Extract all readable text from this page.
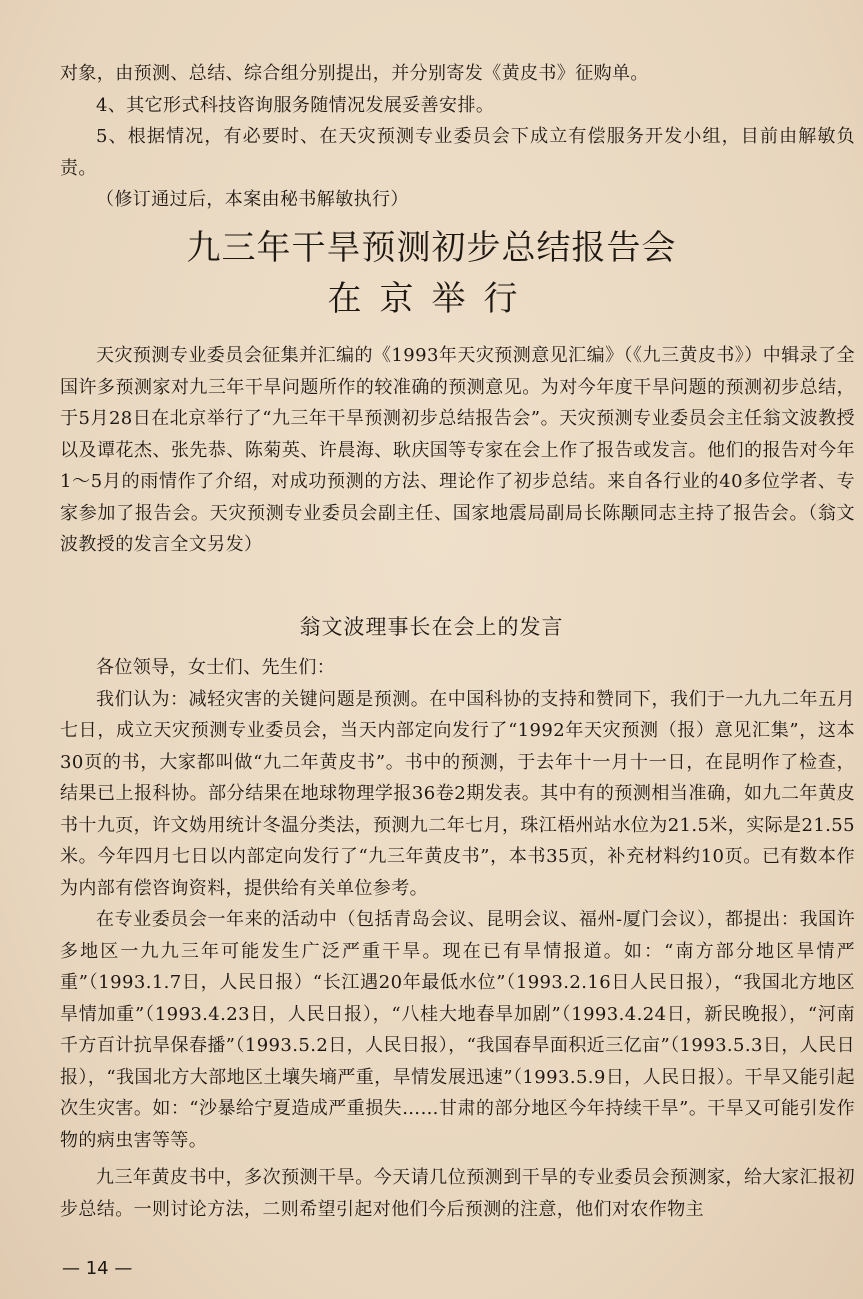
对象，由预测、总结、综合组分别提出，并分别寄发《黄皮书》征购单。

4、其它形式科技咨询服务随情况发展妥善安排。

5、根据情况，有必要时、在天灾预测专业委员会下成立有偿服务开发小组，目前由解敏负责。

（修订通过后，本案由秘书解敏执行）

九三年干旱预测初步总结报告会
在京举行

天灾预测专业委员会征集并汇编的《1993年天灾预测意见汇编》（《九三黄皮书》）中辑录了全国许多预测家对九三年干旱问题所作的较准确的预测意见。为对今年度干旱问题的预测初步总结，于5月28日在北京举行了“九三年干旱预测初步总结报告会”。天灾预测专业委员会主任翁文波教授以及谭花杰、张先恭、陈菊英、许晨海、耿庆国等专家在会上作了报告或发言。他们的报告对今年1～5月的雨情作了介绍，对成功预测的方法、理论作了初步总结。来自各行业的40多位学者、专家参加了报告会。天灾预测专业委员会副主任、国家地震局副局长陈颙同志主持了报告会。（翁文波教授的发言全文另发）

翁文波理事长在会上的发言

各位领导，女士们、先生们：

我们认为：减轻灾害的关键问题是预测。在中国科协的支持和赞同下，我们于一九九二年五月七日，成立天灾预测专业委员会，当天内部定向发行了“1992年天灾预测（报）意见汇集”，这本30页的书，大家都叫做“九二年黄皮书”。书中的预测，于去年十一月十一日，在昆明作了检查，结果已上报科协。部分结果在地球物理学报36卷2期发表。其中有的预测相当准确，如九二年黄皮书十九页，许文妫用统计冬温分类法，预测九二年七月，珠江梧州站水位为21.5米，实际是21.55米。今年四月七日以内部定向发行了“九三年黄皮书”，本书35页，补充材料约10页。已有数本作为内部有偿咨询资料，提供给有关单位参考。

在专业委员会一年来的活动中（包括青岛会议、昆明会议、福州-厦门会议），都提出：我国许多地区一九九三年可能发生广泛严重干旱。现在已有旱情报道。如：“南方部分地区旱情严重”（1993.1.7日，人民日报）“长江遇20年最低水位”（1993.2.16日人民日报），“我国北方地区旱情加重”（1993.4.23日，人民日报），“八桂大地春旱加剧”（1993.4.24日，新民晚报），“河南千方百计抗旱保春播”（1993.5.2日，人民日报），“我国春旱面积近三亿亩”（1993.5.3日，人民日报），“我国北方大部地区土壤失墒严重，旱情发展迅速”（1993.5.9日，人民日报）。干旱又能引起次生灾害。如：“沙暴给宁夏造成严重损失……甘肃的部分地区今年持续干旱”。干旱又可能引发作物的病虫害等等。

九三年黄皮书中，多次预测干旱。今天请几位预测到干旱的专业委员会预测家，给大家汇报初步总结。一则讨论方法，二则希望引起对他们今后预测的注意，他们对农作物主

— 14 —
